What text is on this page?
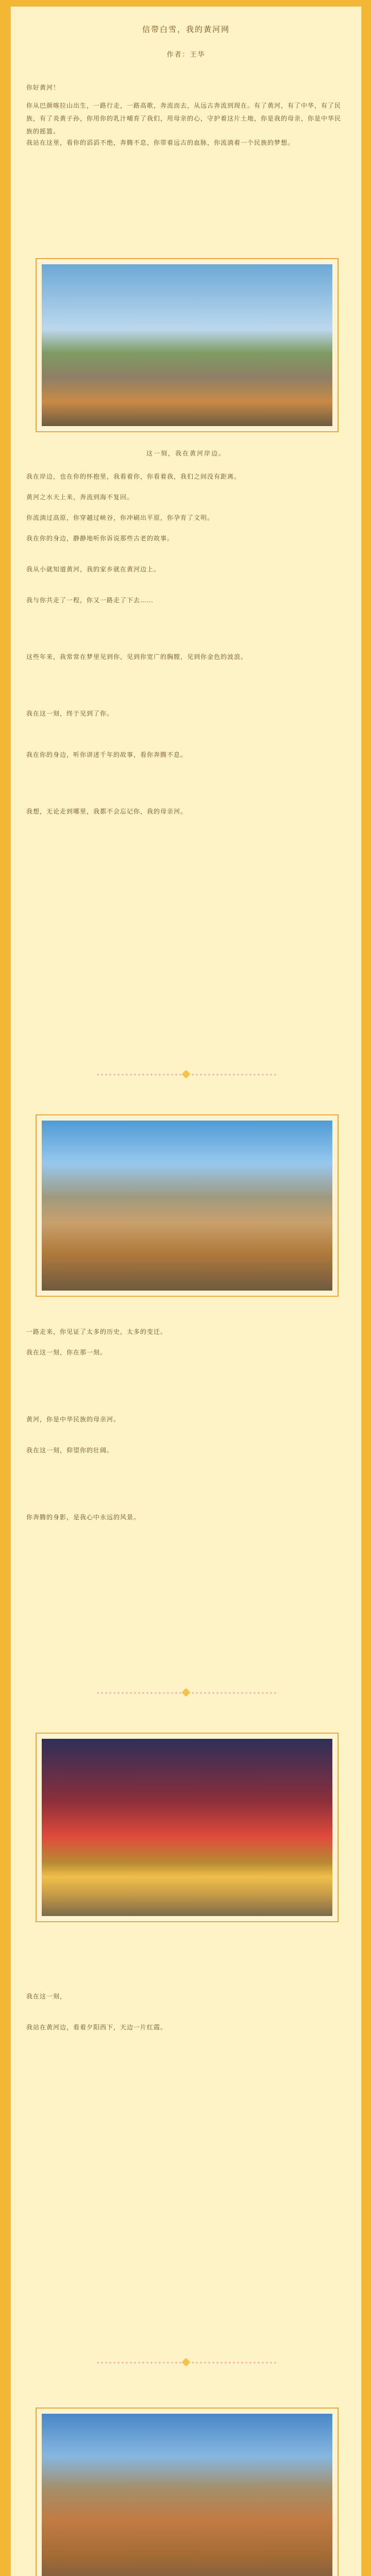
信带白雪，我的黄河网
作者：王华
你好黄河！
你从巴颜喀拉山出生，一路行走，一路高歌，奔流而去，从远古奔流到现在。有了黄河，有了中华，有了民族，有了炎黄子孙，你用你的乳汁哺育了我们，用母亲的心，守护着这片土地，你是我的母亲，你是中华民族的摇篮。
我站在这里，看你的滔滔不绝，奔腾不息，你带着远古的血脉，你流淌着一个民族的梦想。
这一刻，我在黄河岸边。
我在岸边，也在你的怀抱里，我看着你，你看着我，我们之间没有距离。
黄河之水天上来，奔流到海不复回。
你流淌过高原，你穿越过峡谷，你冲刷出平原，你孕育了文明。
我在你的身边，静静地听你诉说那些古老的故事。
我从小就知道黄河，我的家乡就在黄河边上。
我与你共走了一程，你又一路走了下去……
这些年来，我常常在梦里见到你，见到你宽广的胸膛，见到你金色的波浪。
我在这一刻，终于见到了你。
我在你的身边，听你讲述千年的故事，看你奔腾不息。
我想，无论走到哪里，我都不会忘记你，我的母亲河。
一路走来，你见证了太多的历史，太多的变迁。
我在这一刻，你在那一刻。
黄河，你是中华民族的母亲河。
我在这一刻，仰望你的壮阔。
你奔腾的身影，是我心中永远的风景。
我在这一刻，
我站在黄河边，看着夕阳西下，天边一片红霞。
